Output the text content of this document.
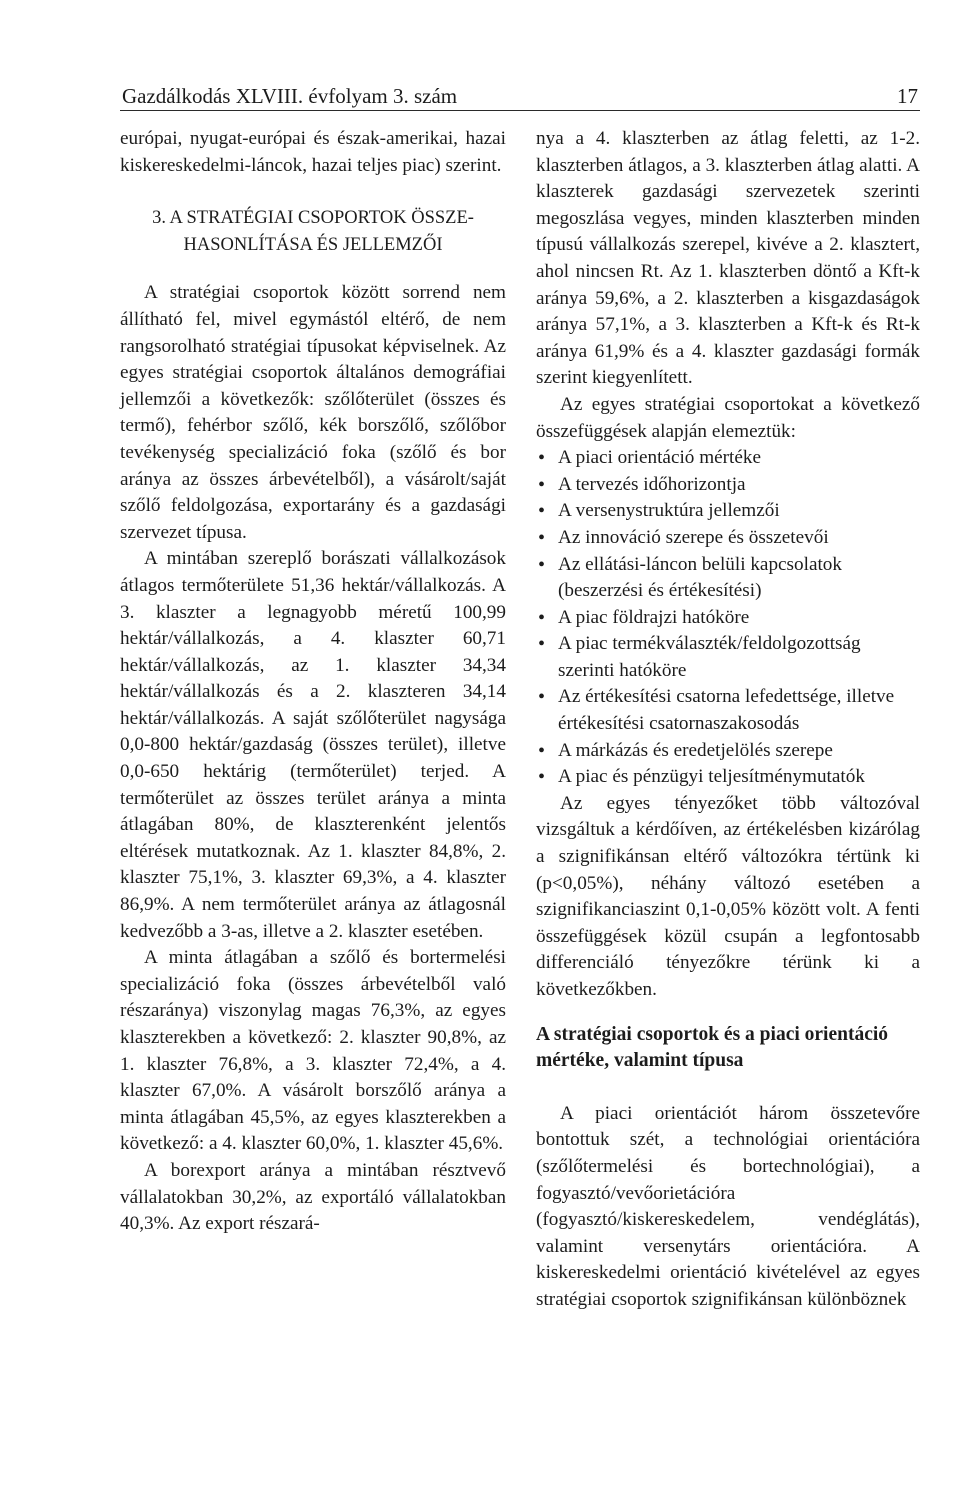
Gazdálkodás XLVIII. évfolyam 3. szám	17

európai, nyugat-európai és észak-amerikai, hazai kiskereskedelmi-láncok, hazai teljes piac) szerint.

3. A STRATÉGIAI CSOPORTOK ÖSSZE-
HASONLÍTÁSA ÉS JELLEMZŐI

A stratégiai csoportok között sorrend nem állítható fel, mivel egymástól eltérő, de nem rangsorolható stratégiai típusokat képviselnek. Az egyes stratégiai csoportok általános demográfiai jellemzői a következők: szőlőterület (összes és termő), fehérbor szőlő, kék borszőlő, szőlőbor tevékenység specializáció foka (szőlő és bor aránya az összes árbevételből), a vásárolt/saját szőlő feldolgozása, exportarány és a gazdasági szervezet típusa.

A mintában szereplő borászati vállalkozások átlagos termőterülete 51,36 hektár/vállalkozás. A 3. klaszter a legnagyobb méretű 100,99 hektár/vállalkozás, a 4. klaszter 60,71 hektár/vállalkozás, az 1. klaszter 34,34 hektár/vállalkozás és a 2. klaszteren 34,14 hektár/vállalkozás. A saját szőlőterület nagysága 0,0-800 hektár/gazdaság (összes terület), illetve 0,0-650 hektárig (termőterület) terjed. A termőterület az összes terület aránya a minta átlagában 80%, de klaszterenként jelentős eltérések mutatkoznak. Az 1. klaszter 84,8%, 2. klaszter 75,1%, 3. klaszter 69,3%, a 4. klaszter 86,9%. A nem termőterület aránya az átlagosnál kedvezőbb a 3-as, illetve a 2. klaszter esetében.

A minta átlagában a szőlő és bortermelési specializáció foka (összes árbevételből való részaránya) viszonylag magas 76,3%, az egyes klaszterekben a következő: 2. klaszter 90,8%, az 1. klaszter 76,8%, a 3. klaszter 72,4%, a 4. klaszter 67,0%. A vásárolt borszőlő aránya a minta átlagában 45,5%, az egyes klaszterekben a következő: a 4. klaszter 60,0%, 1. klaszter 45,6%.

A borexport aránya a mintában résztvevő vállalatokban 30,2%, az exportáló vállalatokban 40,3%. Az export részará-

nya a 4. klaszterben az átlag feletti, az 1-2. klaszterben átlagos, a 3. klaszterben átlag alatti. A klaszterek gazdasági szervezetek szerinti megoszlása vegyes, minden klaszterben minden típusú vállalkozás szerepel, kivéve a 2. klasztert, ahol nincsen Rt. Az 1. klaszterben döntő a Kft-k aránya 59,6%, a 2. klaszterben a kisgazdaságok aránya 57,1%, a 3. klaszterben a Kft-k és Rt-k aránya 61,9% és a 4. klaszter gazdasági formák szerint kiegyenlített.

Az egyes stratégiai csoportokat a következő összefüggések alapján elemeztük:

• A piaci orientáció mértéke
• A tervezés időhorizontja
• A versenystruktúra jellemzői
• Az innováció szerepe és összetevői
• Az ellátási-láncon belüli kapcsolatok (beszerzési és értékesítési)
• A piac földrajzi hatóköre
• A piac termékválaszték/feldolgozottság szerinti hatóköre
• Az értékesítési csatorna lefedettsége, illetve értékesítési csatornaszakosodás
• A márkázás és eredetjelölés szerepe
• A piac és pénzügyi teljesítménymutatók

Az egyes tényezőket több változóval vizsgáltuk a kérdőíven, az értékelésben kizárólag a szignifikánsan eltérő változókra tértünk ki (p<0,05%), néhány változó esetében a szignifikanciaszint 0,1-0,05% között volt. A fenti összefüggések közül csupán a legfontosabb differenciáló tényezőkre térünk ki a következőkben.

A stratégiai csoportok és a piaci orientáció mértéke, valamint típusa

A piaci orientációt három összetevőre bontottuk szét, a technológiai orientációra (szőlőtermelési és bortechnológiai), a fogyasztó/vevőorietációra (fogyasztó/kiskereskedelem, vendéglátás), valamint versenytárs orientációra. A kiskereskedelmi orientáció kivételével az egyes stratégiai csoportok szignifikánsan különböznek
